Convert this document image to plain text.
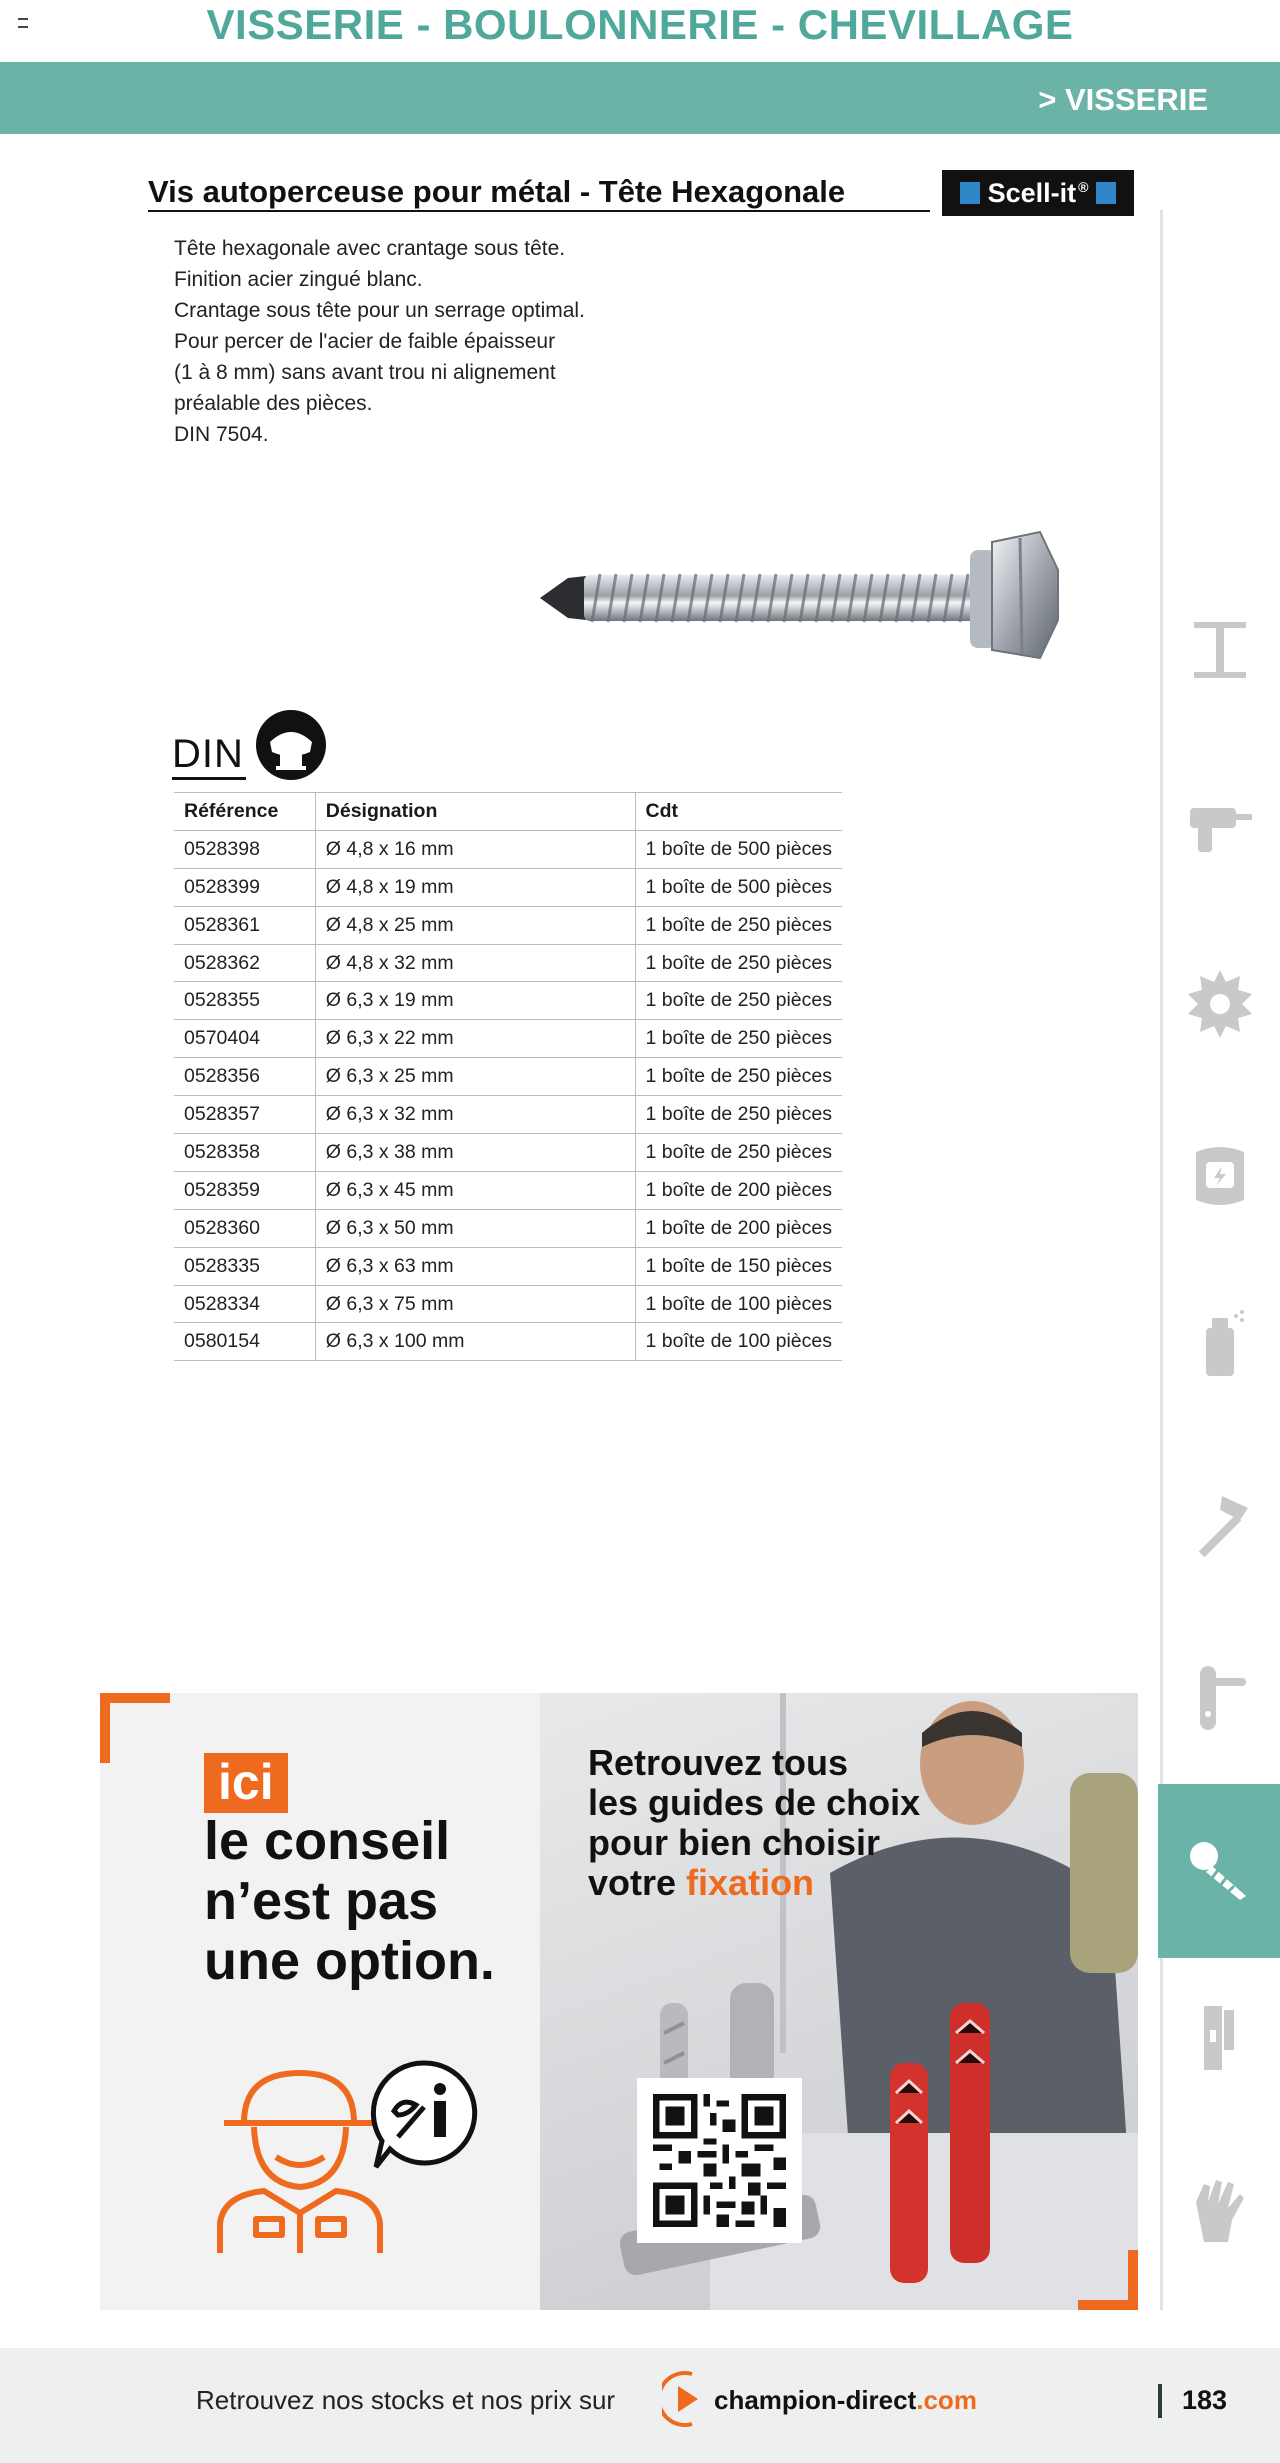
VISSERIE - BOULONNERIE - CHEVILLAGE
> VISSERIE
Vis autoperceuse pour métal - Tête Hexagonale	Scell-it ®
Tête hexagonale avec crantage sous tête.
Finition acier zingué blanc.
Crantage sous tête pour un serrage optimal.
Pour percer de l'acier de faible épaisseur
(1 à 8 mm) sans avant trou ni alignement
préalable des pièces.
DIN 7504.
DIN
Référence	Désignation	Cdt
0528398	Ø 4,8 x 16 mm	1 boîte de 500 pièces
0528399	Ø 4,8 x 19 mm	1 boîte de 500 pièces
0528361	Ø 4,8 x 25 mm	1 boîte de 250 pièces
0528362	Ø 4,8 x 32 mm	1 boîte de 250 pièces
0528355	Ø 6,3 x 19 mm	1 boîte de 250 pièces
0570404	Ø 6,3 x 22 mm	1 boîte de 250 pièces
0528356	Ø 6,3 x 25 mm	1 boîte de 250 pièces
0528357	Ø 6,3 x 32 mm	1 boîte de 250 pièces
0528358	Ø 6,3 x 38 mm	1 boîte de 250 pièces
0528359	Ø 6,3 x 45 mm	1 boîte de 200 pièces
0528360	Ø 6,3 x 50 mm	1 boîte de 200 pièces
0528335	Ø 6,3 x 63 mm	1 boîte de 150 pièces
0528334	Ø 6,3 x 75 mm	1 boîte de 100 pièces
0580154	Ø 6,3 x 100 mm	1 boîte de 100 pièces
ici
le conseil
n’est pas
une option.
Retrouvez tous
les guides de choix
pour bien choisir
votre fixation
Retrouvez nos stocks et nos prix sur	champion-direct.com	183
